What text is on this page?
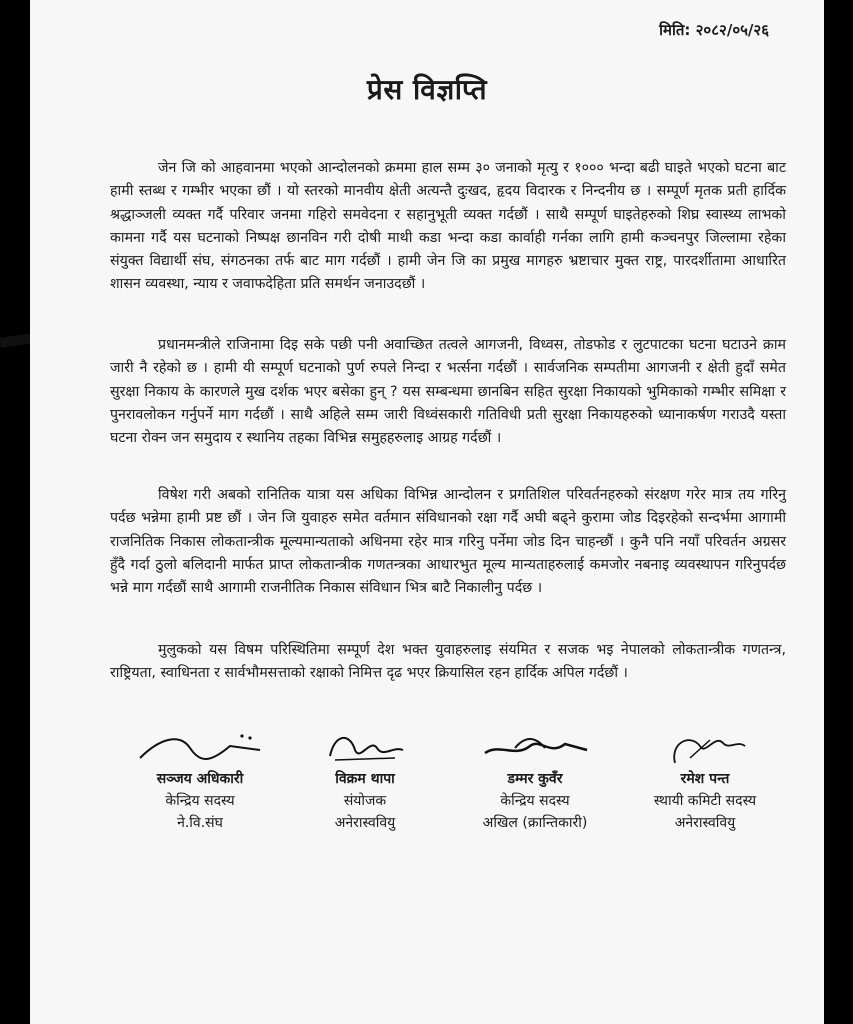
मिति: २०८२/०५/२६
प्रेस विज्ञप्ति

जेन जि को आहवानमा भएको आन्दोलनको क्रममा हाल सम्म ३० जनाको मृत्यु र १००० भन्दा बढी घाइते भएको घटना बाट हामी स्तब्ध र गम्भीर भएका छौं । यो स्तरको मानवीय क्षेती अत्यन्तै दुःखद, हृदय विदारक र निन्दनीय छ । सम्पूर्ण मृतक प्रती हार्दिक श्रद्धाञ्जली व्यक्त गर्दै परिवार जनमा गहिरो समवेदना र सहानुभूती व्यक्त गर्दछौं । साथै सम्पूर्ण घाइतेहरुको शिघ्र स्वास्थ्य लाभको कामना गर्दै यस घटनाको निष्पक्ष छानविन गरी दोषी माथी कडा भन्दा कडा कार्वाही गर्नका लागि हामी कञ्चनपुर जिल्लामा रहेका संयुक्त विद्यार्थी संघ, संगठनका तर्फ बाट माग गर्दछौं । हामी जेन जि का प्रमुख मागहरु भ्रष्टाचार मुक्त राष्ट्र, पारदर्शीतामा आधारित शासन व्यवस्था, न्याय र जवाफदेहिता प्रति समर्थन जनाउदछौं ।

प्रधानमन्त्रीले राजिनामा दिइ सके पछी पनी अवाच्छित तत्वले आगजनी, विध्वस, तोडफोड र लुटपाटका घटना घटाउने क्राम जारी नै रहेको छ । हामी यी सम्पूर्ण घटनाको पुर्ण रुपले निन्दा र भर्त्सना गर्दछौं । सार्वजनिक सम्पतीमा आगजनी र क्षेती हुदाँ समेत सुरक्षा निकाय के कारणले मुख दर्शक भएर बसेका हुन् ? यस सम्बन्धमा छानबिन सहित सुरक्षा निकायको भुमिकाको गम्भीर समिक्षा र पुनरावलोकन गर्नुपर्ने माग गर्दछौं । साथै अहिले सम्म जारी विध्वंसकारी गतिविधी प्रती सुरक्षा निकायहरुको ध्यानाकर्षण गराउदै यस्ता घटना रोक्न जन समुदाय र स्थानिय तहका विभिन्न समुहहरुलाइ आग्रह गर्दछौं ।

विषेश गरी अबको रानितिक यात्रा यस अधिका विभिन्न आन्दोलन र प्रगतिशिल परिवर्तनहरुको संरक्षण गरेर मात्र तय गरिनु पर्दछ भन्नेमा हामी प्रष्ट छौं । जेन जि युवाहरु समेत वर्तमान संविधानको रक्षा गर्दै अघी बढ्ने कुरामा जोड दिइरहेको सन्दर्भमा आगामी राजनितिक निकास लोकतान्त्रीक मूल्यमान्यताको अधिनमा रहेर मात्र गरिनु पर्नेमा जोड दिन चाहन्छौं । कुनै पनि नयाँ परिवर्तन अग्रसर हुँदै गर्दा ठुलो बलिदानी मार्फत प्राप्त लोकतान्त्रीक गणतन्त्रका आधारभुत मूल्य मान्यताहरुलाई कमजोर नबनाइ व्यवस्थापन गरिनुपर्दछ भन्ने माग गर्दछौं साथै आगामी राजनीतिक निकास संविधान भित्र बाटै निकालीनु पर्दछ ।

मुलुकको यस विषम परिस्थितिमा सम्पूर्ण देश भक्त युवाहरुलाइ संयमित र सजक भइ नेपालको लोकतान्त्रीक गणतन्त्र, राष्ट्रियता, स्वाधिनता र सार्वभौमसत्ताको रक्षाको निमित्त दृढ भएर क्रियासिल रहन हार्दिक अपिल गर्दछौं ।

सञ्जय अधिकारी
केन्द्रिय सदस्य
ने.वि.संघ
विक्रम थापा
संयोजक
अनेरास्ववियु
डम्मर कुवँर
केन्द्रिय सदस्य
अखिल (क्रान्तिकारी)
रमेश पन्त
स्थायी कमिटी सदस्य
अनेरास्ववियु
